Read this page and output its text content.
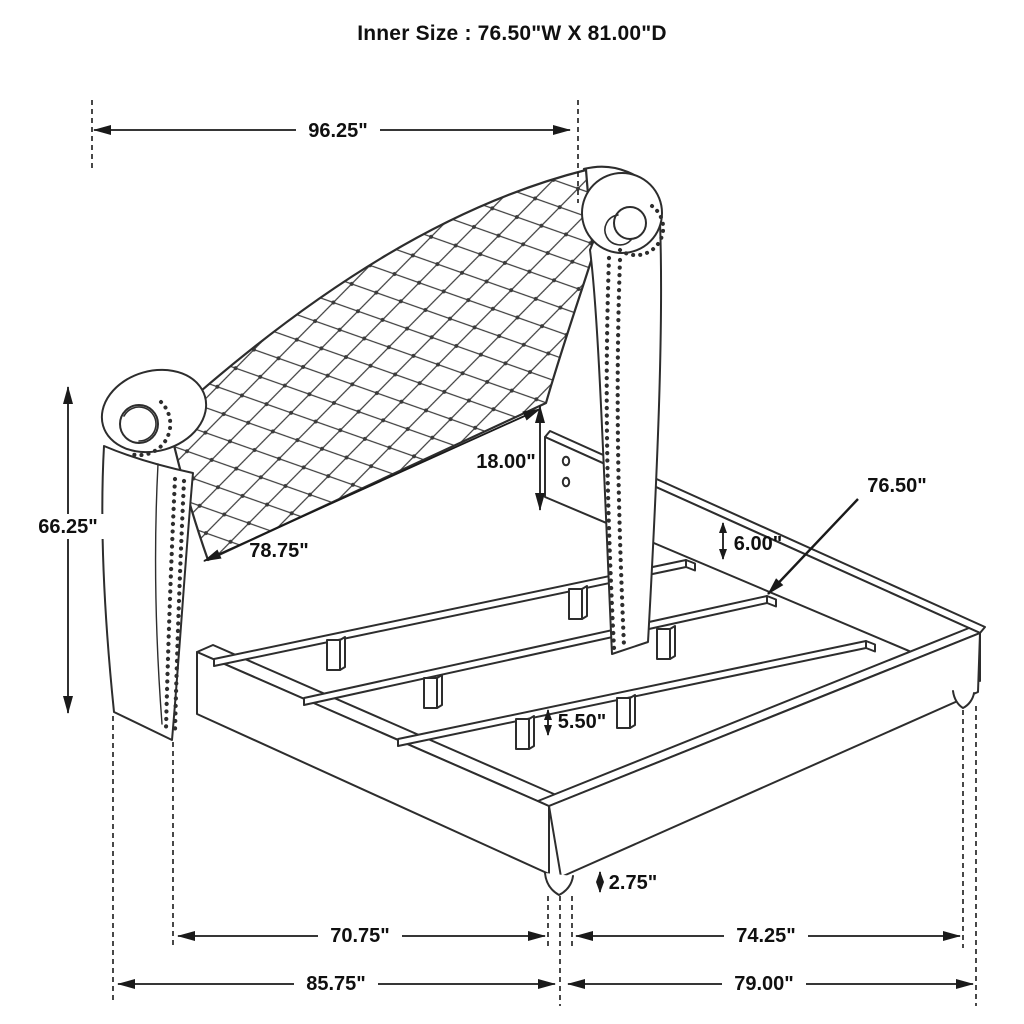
Inner Size : 76.50"W X 81.00"D
96.25"
66.25"
78.75"
18.00"
6.00"
76.50"
5.50"
2.75"
70.75"	74.25"
85.75"	79.00"
